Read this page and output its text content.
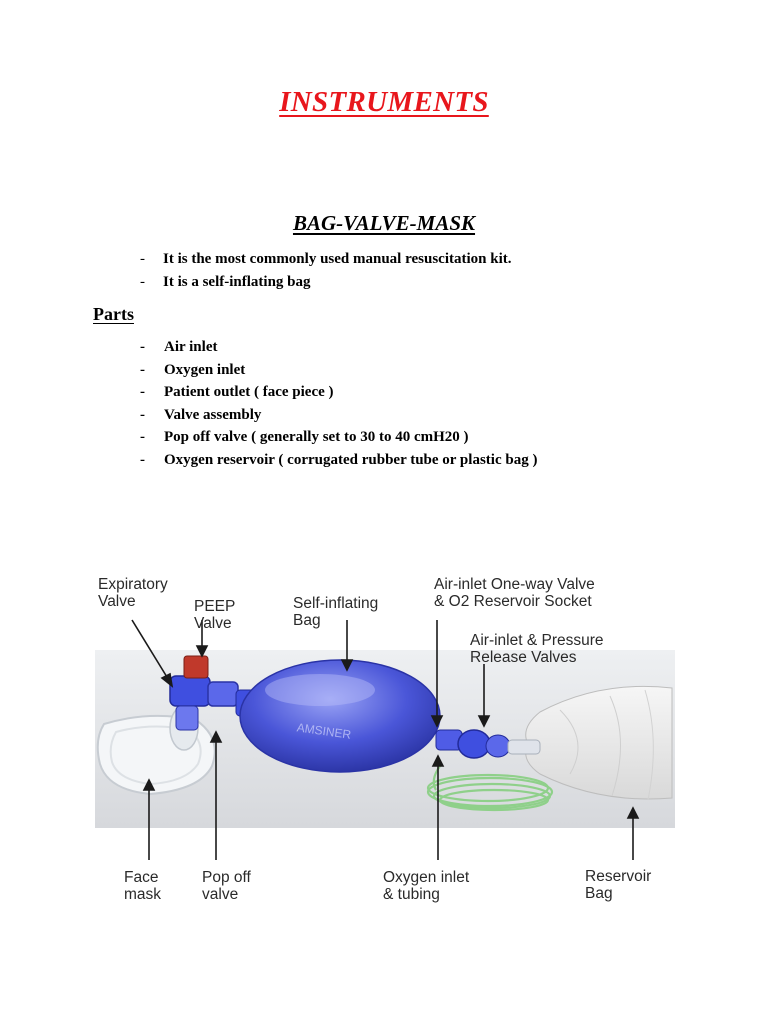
INSTRUMENTS
BAG-VALVE-MASK
- It is the most commonly used manual resuscitation kit.
- It is a self-inflating bag
Parts
- Air inlet
- Oxygen inlet
- Patient outlet ( face piece )
- Valve assembly
- Pop off valve ( generally set to 30 to 40 cmH20 )
- Oxygen reservoir ( corrugated rubber tube or plastic bag )
AMSINER
Expiratory
Valve	PEEP
Valve
Self-inflating
Bag
Air-inlet One-way Valve
& O2 Reservoir Socket
Air-inlet & Pressure
Release Valves
Face
mask
Pop off
valve
Oxygen inlet
& tubing
Reservoir
Bag
